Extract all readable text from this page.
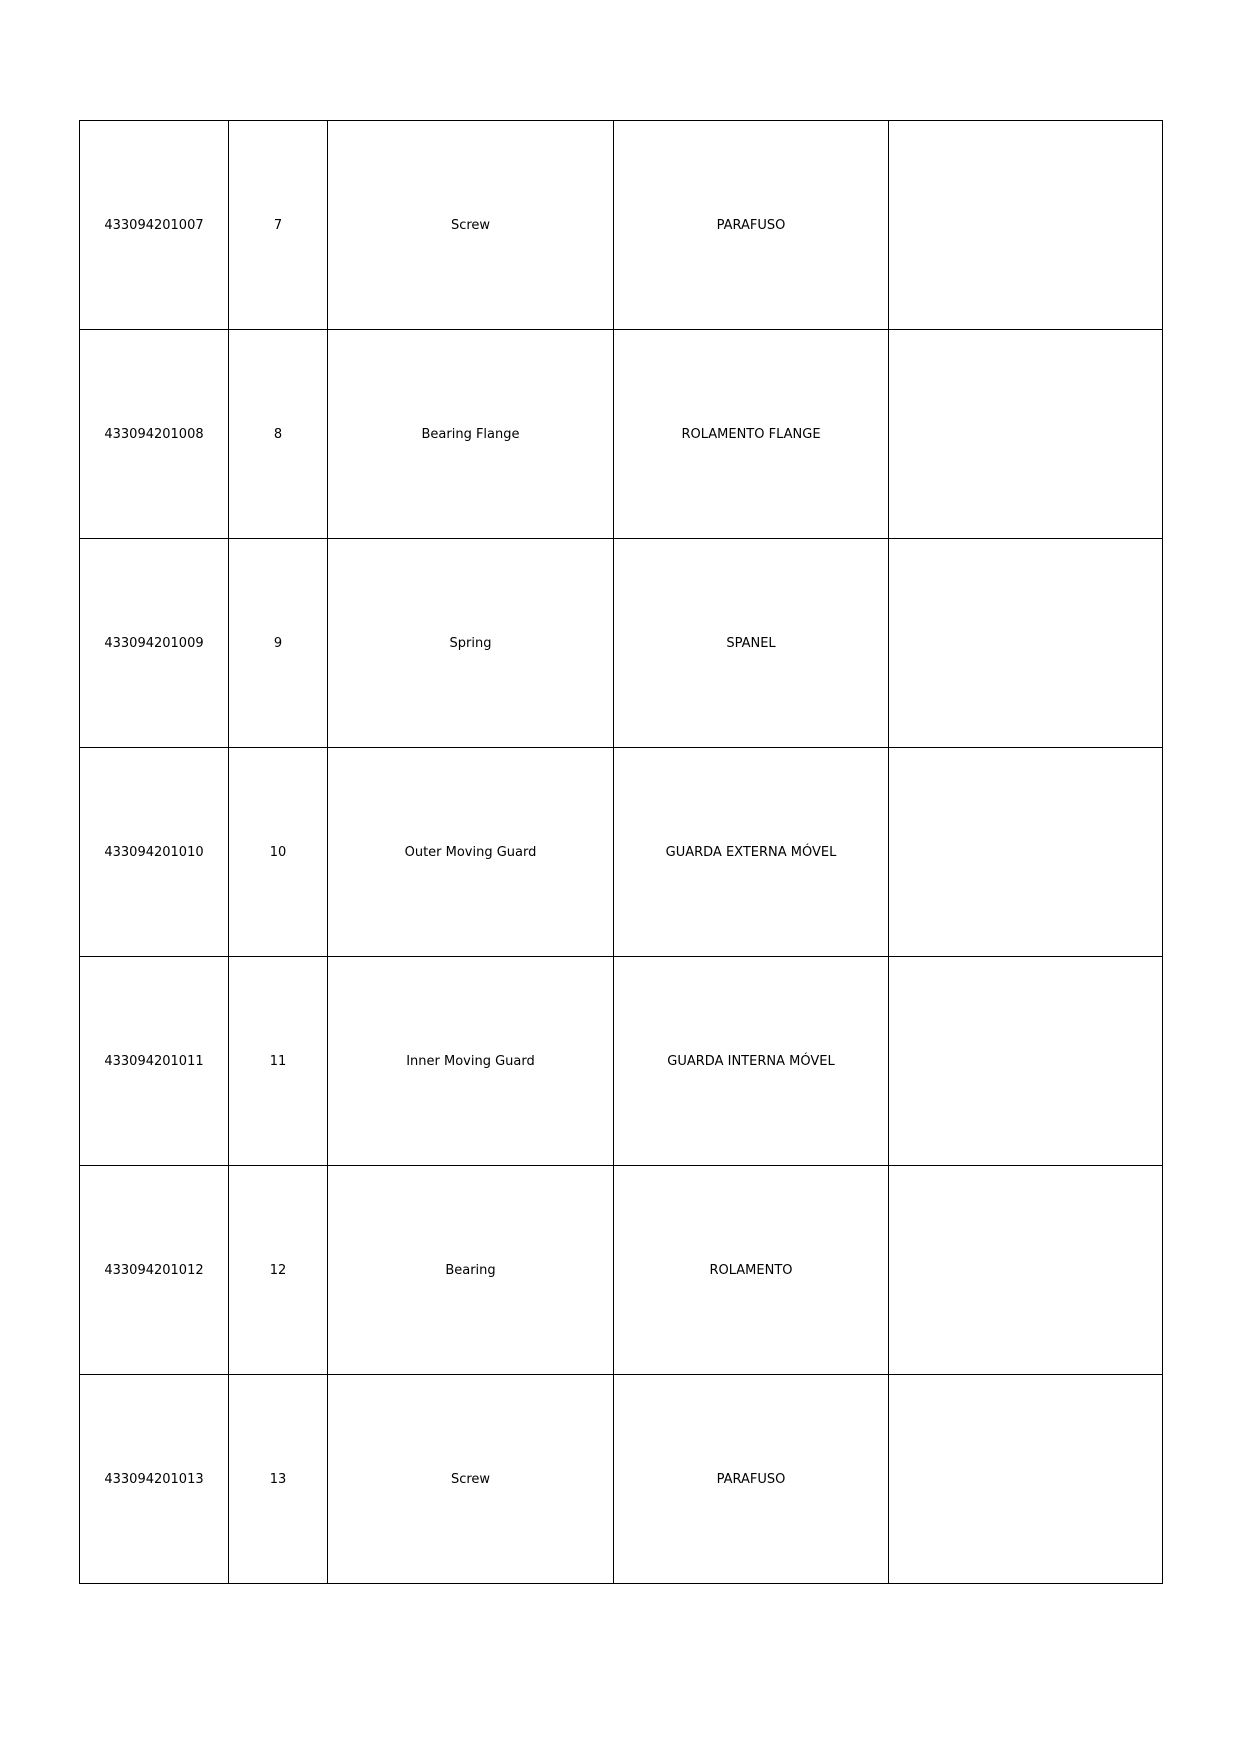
433094201007	7	Screw	PARAFUSO	
433094201008	8	Bearing Flange	ROLAMENTO FLANGE	
433094201009	9	Spring	SPANEL	
433094201010	10	Outer Moving Guard	GUARDA EXTERNA MÓVEL	
433094201011	11	Inner Moving Guard	GUARDA INTERNA MÓVEL	
433094201012	12	Bearing	ROLAMENTO	
433094201013	13	Screw	PARAFUSO	
